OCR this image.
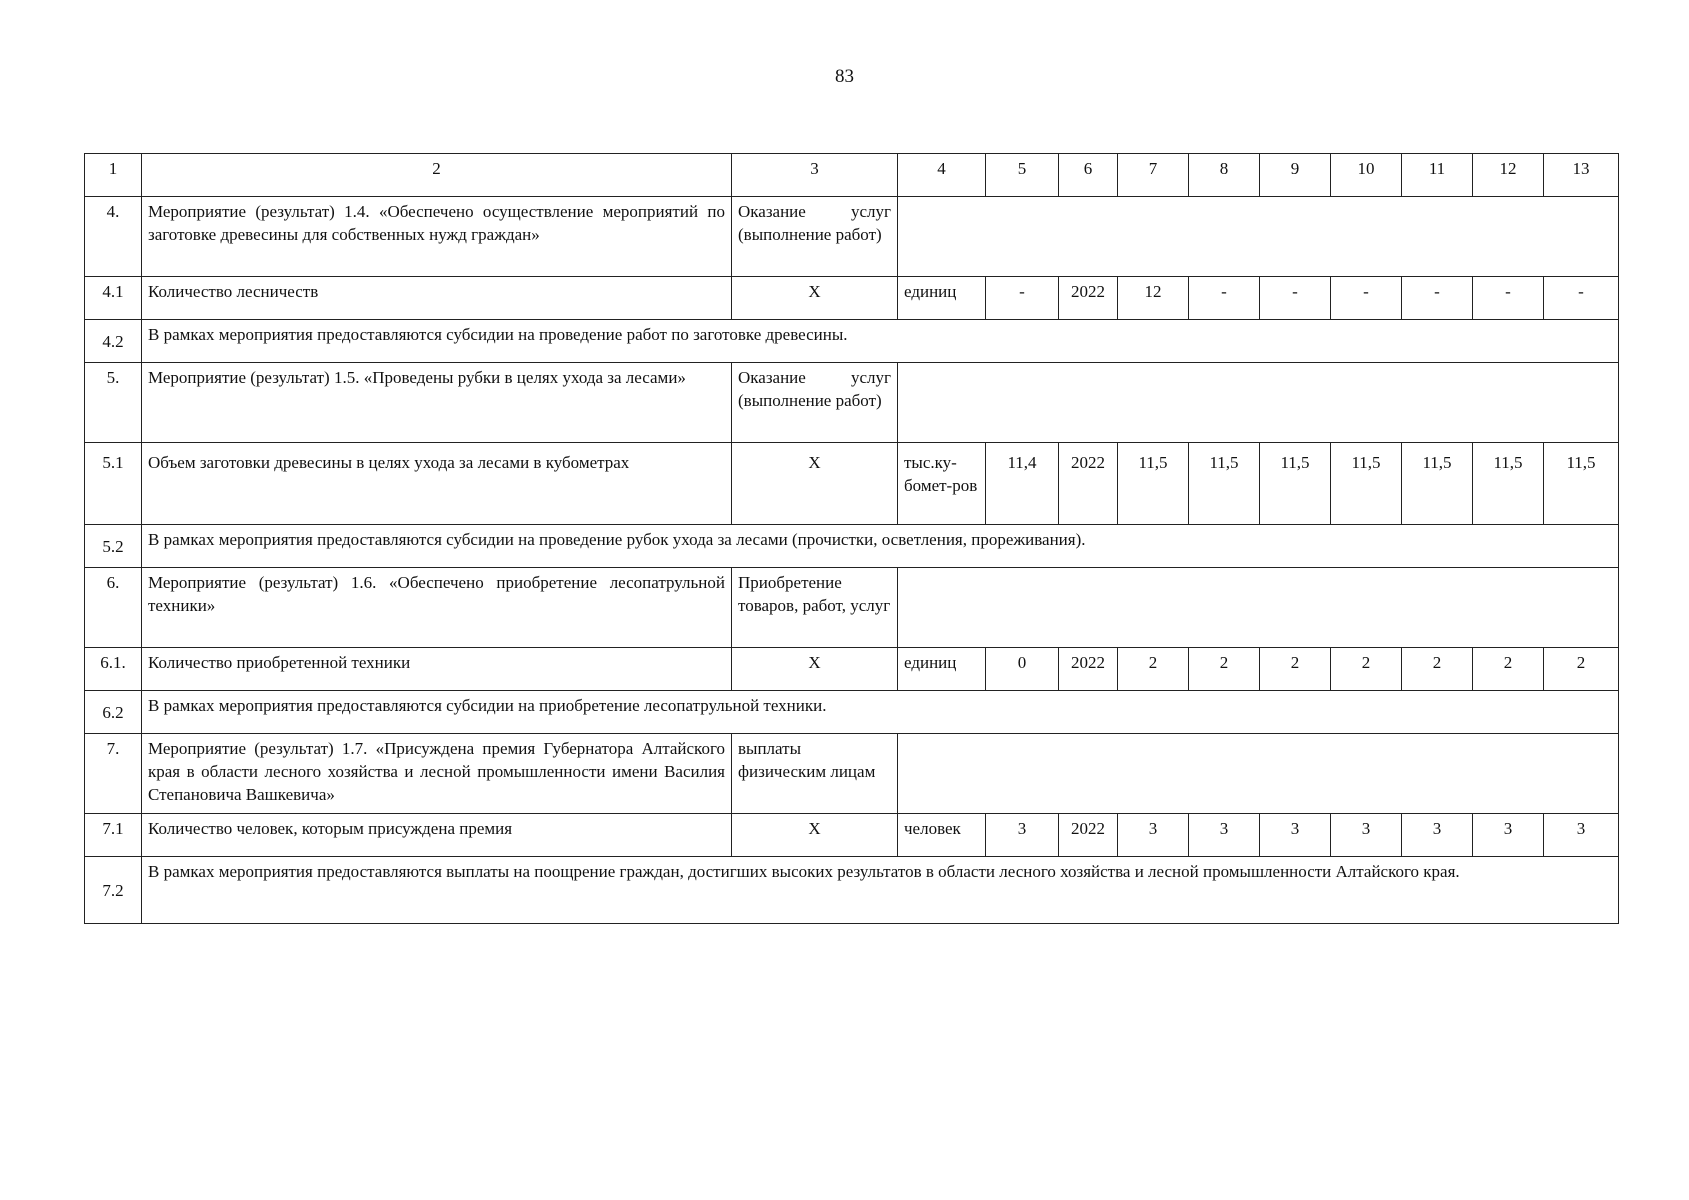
83
1	2	3	4	5	6	7	8	9	10	11	12	13
4.	Мероприятие (результат) 1.4. «Обеспечено осуществление мероприятий по заготовке древесины для собственных нужд граждан»	Оказание услуг (выполнение работ)										
4.1	Количество лесничеств	Х	единиц	-	2022	12	-	-	-	-	-	-
4.2	В рамках мероприятия предоставляются субсидии на проведение работ по заготовке древесины.											
5.	Мероприятие (результат) 1.5. «Проведены рубки в целях ухода за лесами»	Оказание услуг (выполнение работ)										
5.1	Объем заготовки древесины в целях ухода за лесами в кубометрах	Х	тыс.ку-бомет-ров	11,4	2022	11,5	11,5	11,5	11,5	11,5	11,5	11,5
5.2	В рамках мероприятия предоставляются субсидии на проведение рубок ухода за лесами (прочистки, осветления, прореживания).											
6.	Мероприятие (результат) 1.6. «Обеспечено приобретение лесопатрульной техники»	Приобретение товаров, работ, услуг										
6.1.	Количество приобретенной техники	Х	единиц	0	2022	2	2	2	2	2	2	2
6.2	В рамках мероприятия предоставляются субсидии на приобретение лесопатрульной техники.											
7.	Мероприятие (результат) 1.7. «Присуждена премия Губернатора Алтайского края в области лесного хозяйства и лесной промышленности имени Василия Степановича Вашкевича»	выплаты физическим лицам										
7.1	Количество человек, которым присуждена премия	Х	человек	3	2022	3	3	3	3	3	3	3
7.2	В рамках мероприятия предоставляются выплаты на поощрение граждан, достигших высоких результатов в области лесного хозяйства и лесной промышленности Алтайского края.											
